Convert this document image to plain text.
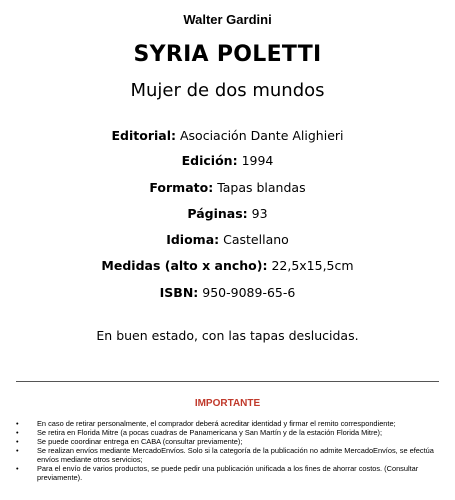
Walter Gardini
SYRIA POLETTI
Mujer de dos mundos
Editorial: Asociación Dante Alighieri
Edición: 1994
Formato: Tapas blandas
Páginas: 93
Idioma: Castellano
Medidas (alto x ancho): 22,5x15,5cm
ISBN: 950-9089-65-6
En buen estado, con las tapas deslucidas.
IMPORTANTE
• En caso de retirar personalmente, el comprador deberá acreditar identidad y firmar el remito correspondiente;
• Se retira en Florida Mitre (a pocas cuadras de Panamericana y San Martín y de la estación Florida Mitre);
• Se puede coordinar entrega en CABA (consultar previamente);
• Se realizan envíos mediante MercadoEnvíos. Solo si la categoría de la publicación no admite MercadoEnvíos, se efectúa envíos mediante otros servicios;
• Para el envío de varios productos, se puede pedir una publicación unificada a los fines de ahorrar costos. (Consultar previamente).
